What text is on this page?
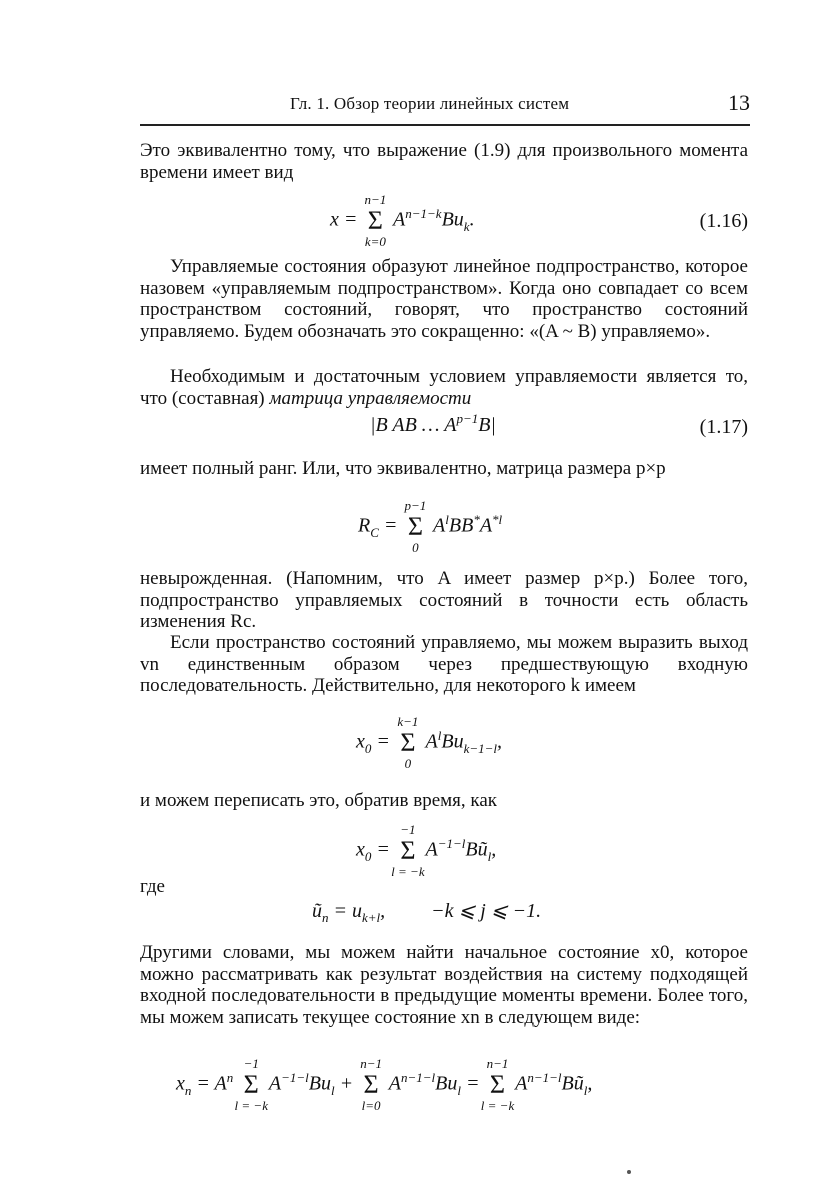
Гл. 1. Обзор теории линейных систем	13
Это эквивалентно тому, что выражение (1.9) для произвольного момента времени имеет вид
x =
n−1
Σ
k=0
$A^{n-1-k}Bu_k$.	(1.16)
Управляемые состояния образуют линейное подпространство, которое назовем «управляемым подпространством». Когда оно совпадает со всем пространством состояний, говорят, что пространство состояний управляемо. Будем обозначать это сокращенно: «(A ~ B) управляемо».
Необходимым и достаточным условием управляемости является то, что (составная) матрица управляемости
|B AB … $A^{p-1}B|$	(1.17)
имеет полный ранг. Или, что эквивалентно, матрица размера p×p
$R_C$ =
p−1
Σ
0
$A^lBB^*A^{*l}$
невырожденная. (Напомним, что A имеет размер p×p.) Более того, подпространство управляемых состояний в точности есть область изменения Rc.
Если пространство состояний управляемо, мы можем выразить выход vn единственным образом через предшествующую входную последовательность. Действительно, для некоторого k имеем
$x_0$ =
k−1
Σ
0
$A^lBu_{k-1-l}$,
и можем переписать это, обратив время, как
$x_0$ =
−1
Σ
l = −k
$A^{-1-l}Bũ_l$,
где
$ũ_n = u_{k+l}$, −k ⩽ j ⩽ −1.
Другими словами, мы можем найти начальное состояние x0, которое можно рассматривать как результат воздействия на систему подходящей входной последовательности в предыдущие моменты времени. Более того, мы можем записать текущее состояние xn в следующем виде:
$x_n = A^n$
−1
Σ
l = −k
$A^{-1-l}Bu_l$ +
n−1
Σ
l=0
$A^{n-1-l}Bu_l$ =
n−1
Σ
l = −k
$A^{n-1-l}Bũ_l$,
